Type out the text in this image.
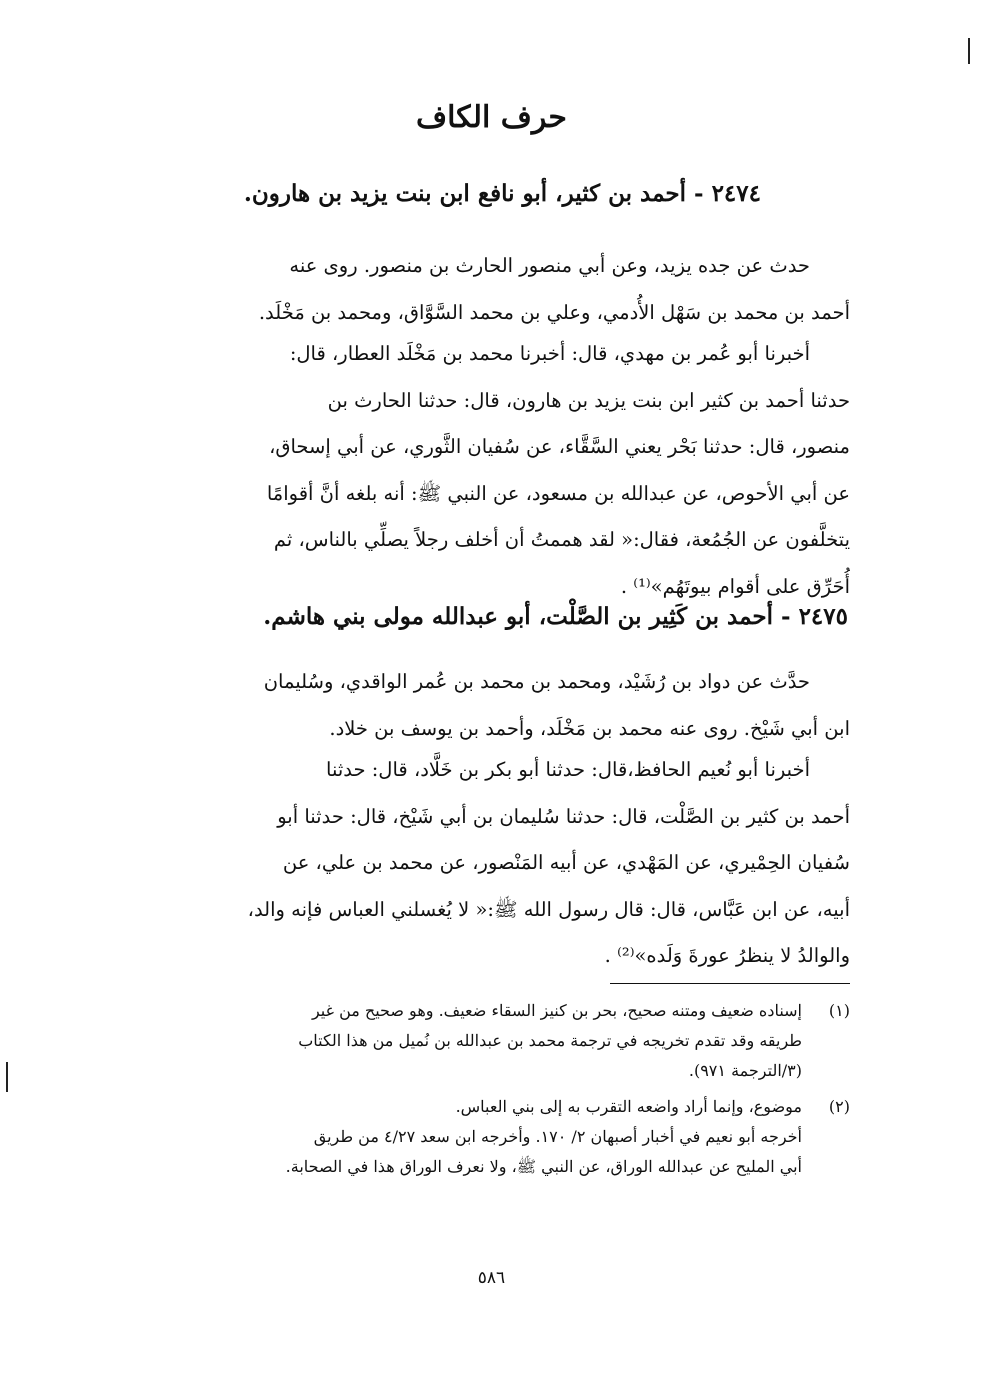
حرف الكاف
٢٤٧٤ - أحمد بن كثير، أبو نافع ابن بنت يزيد بن هارون.
حدث عن جده يزيد، وعن أبي منصور الحارث بن منصور. روى عنه
أحمد بن محمد بن سَهْل الأُدمي، وعلي بن محمد السَّوَّاق، ومحمد بن مَخْلَد.
أخبرنا أبو عُمر بن مهدي، قال: أخبرنا محمد بن مَخْلَد العطار، قال:
حدثنا أحمد بن كثير ابن بنت يزيد بن هارون، قال: حدثنا الحارث بن
منصور، قال: حدثنا بَحْر يعني السَّقَّاء، عن سُفيان الثَّوري، عن أبي إسحاق،
عن أبي الأحوص، عن عبدالله بن مسعود، عن النبي ﷺ: أنه بلغه أنَّ أقوامًا
يتخلَّفون عن الجُمُعة، فقال:« لقد هممتُ أن أخلف رجلاً يصلِّي بالناس، ثم
أُحَرِّق على أقوام بيوتَهُم»⁽¹⁾ .
٢٤٧٥ - أحمد بن كَثِير بن الصَّلْت، أبو عبدالله مولى بني هاشم.
حدَّث عن دواد بن رُشَيْد، ومحمد بن محمد بن عُمر الواقدي، وسُليمان
ابن أبي شَيْخ. روى عنه محمد بن مَخْلَد، وأحمد بن يوسف بن خلاد.
أخبرنا أبو نُعيم الحافظ،قال: حدثنا أبو بكر بن خَلَّاد، قال: حدثنا
أحمد بن كثير بن الصَّلْت، قال: حدثنا سُليمان بن أبي شَيْخ، قال: حدثنا أبو
سُفيان الحِمْيري، عن المَهْدي، عن أبيه المَنْصور، عن محمد بن علي، عن
أبيه، عن ابن عَبَّاس، قال: قال رسول الله ﷺ:« لا يُغسلني العباس فإنه والد،
والوالدُ لا ينظرُ عورةَ وَلَده»⁽²⁾ .
(١)
إسناده ضعيف ومتنه صحيح، بحر بن كنيز السقاء ضعيف. وهو صحيح من غير
طريقه وقد تقدم تخريجه في ترجمة محمد بن عبدالله بن نُميل من هذا الكتاب
(٣/الترجمة ٩٧١).
(٢)
موضوع، وإنما أراد واضعه التقرب به إلى بني العباس.
أخرجه أبو نعيم في أخبار أصبهان ٢/ ١٧٠. وأخرجه ابن سعد ٤/٢٧ من طريق
أبي المليح عن عبدالله الوراق، عن النبي ﷺ، ولا نعرف الوراق هذا في الصحابة.
٥٨٦
